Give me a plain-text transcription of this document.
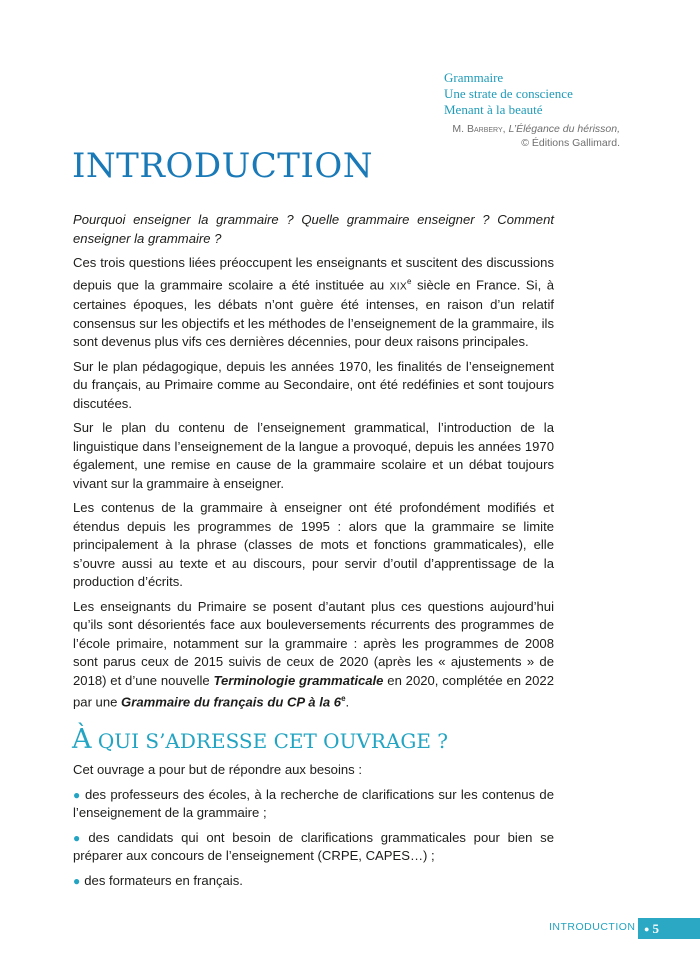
Grammaire
Une strate de conscience
Menant à la beauté
M. Barbery, L’Élégance du hérisson,
© Éditions Gallimard.
INTRODUCTION

Pourquoi enseigner la grammaire ? Quelle grammaire enseigner ? Comment enseigner la grammaire ?

Ces trois questions liées préoccupent les enseignants et suscitent des discussions depuis que la grammaire scolaire a été instituée au XIXe siècle en France. Si, à certaines époques, les débats n’ont guère été intenses, en raison d’un relatif consensus sur les objectifs et les méthodes de l’enseignement de la grammaire, ils sont devenus plus vifs ces dernières décennies, pour deux raisons principales.

Sur le plan pédagogique, depuis les années 1970, les finalités de l’enseignement du français, au Primaire comme au Secondaire, ont été redéfinies et sont toujours discutées.

Sur le plan du contenu de l’enseignement grammatical, l’introduction de la linguistique dans l’enseignement de la langue a provoqué, depuis les années 1970 également, une remise en cause de la grammaire scolaire et un débat toujours vivant sur la grammaire à enseigner.

Les contenus de la grammaire à enseigner ont été profondément modifiés et étendus depuis les programmes de 1995 : alors que la grammaire se limite principalement à la phrase (classes de mots et fonctions grammaticales), elle s’ouvre aussi au texte et au discours, pour servir d’outil d’apprentissage de la production d’écrits.

Les enseignants du Primaire se posent d’autant plus ces questions aujourd’hui qu’ils sont désorientés face aux bouleversements récurrents des programmes de l’école primaire, notamment sur la grammaire : après les programmes de 2008 sont parus ceux de 2015 suivis de ceux de 2020 (après les « ajustements » de 2018) et d’une nouvelle Terminologie grammaticale en 2020, complétée en 2022 par une Grammaire du français du CP à la 6e.

À QUI S’ADRESSE CET OUVRAGE ?

Cet ouvrage a pour but de répondre aux besoins :

● des professeurs des écoles, à la recherche de clarifications sur les contenus de l’enseignement de la grammaire ;
● des candidats qui ont besoin de clarifications grammaticales pour bien se préparer aux concours de l’enseignement (CRPE, CAPES…) ;
● des formateurs en français.
INTRODUCTION ● 5
